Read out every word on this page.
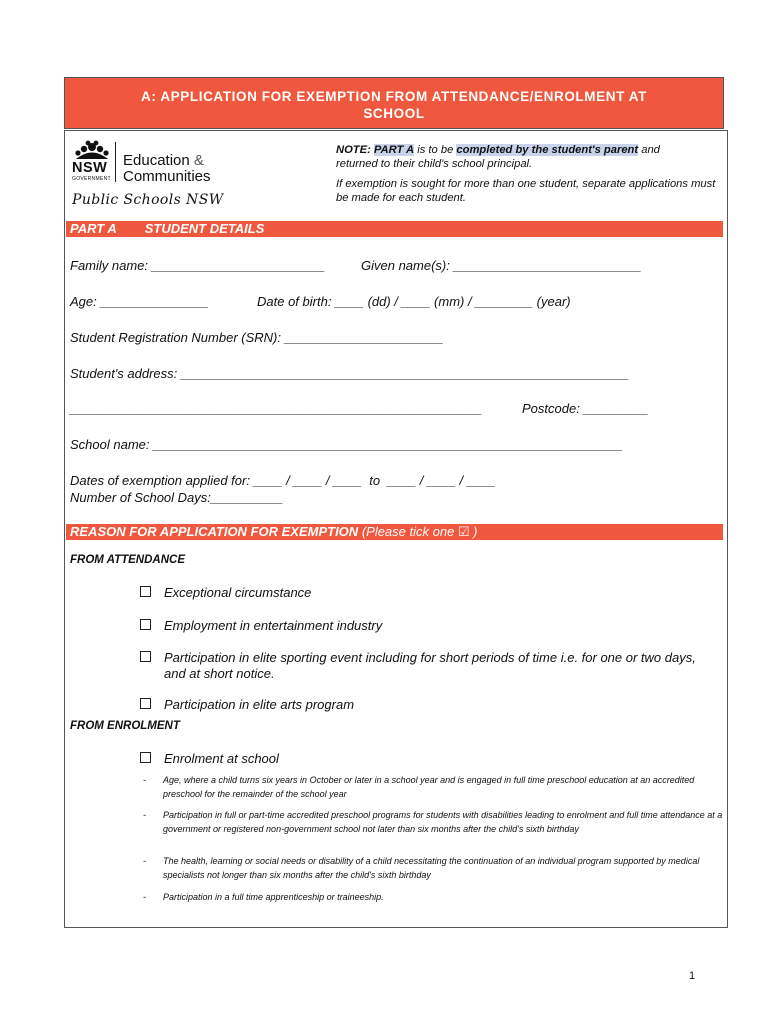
A: APPLICATION FOR EXEMPTION FROM ATTENDANCE/ENROLMENT AT
SCHOOL
NSW
GOVERNMENT
Education &
Communities
Public Schools NSW

NOTE: PART A is to be completed by the student's parent and
returned to their child's school principal.

If exemption is sought for more than one student, separate applications must be made for each student.

PART A STUDENT DETAILS
Family name: ________________________	Given name(s): __________________________
Age: _______________	Date of birth: ____ (dd) / ____ (mm) / ________ (year)
Student Registration Number (SRN): ______________________
Student's address: ______________________________________________________________
_________________________________________________________	Postcode: _________
School name: _________________________________________________________________
Dates of exemption applied for: ____ / ____ / ____  to  ____ / ____ / ____
Number of School Days:__________
REASON FOR APPLICATION FOR EXEMPTION (Please tick one ☑ )
FROM ATTENDANCE
Exceptional circumstance
Employment in entertainment industry
Participation in elite sporting event including for short periods of time i.e. for one or two days, and at short notice.
Participation in elite arts program
FROM ENROLMENT
Enrolment at school
- Age, where a child turns six years in October or later in a school year and is engaged in full time preschool education at an accredited preschool for the remainder of the school year
- Participation in full or part-time accredited preschool programs for students with disabilities leading to enrolment and full time attendance at a government or registered non-government school not later than six months after the child's sixth birthday
- The health, learning or social needs or disability of a child necessitating the continuation of an individual program supported by medical specialists not longer than six months after the child's sixth birthday
- Participation in a full time apprenticeship or traineeship.
1
